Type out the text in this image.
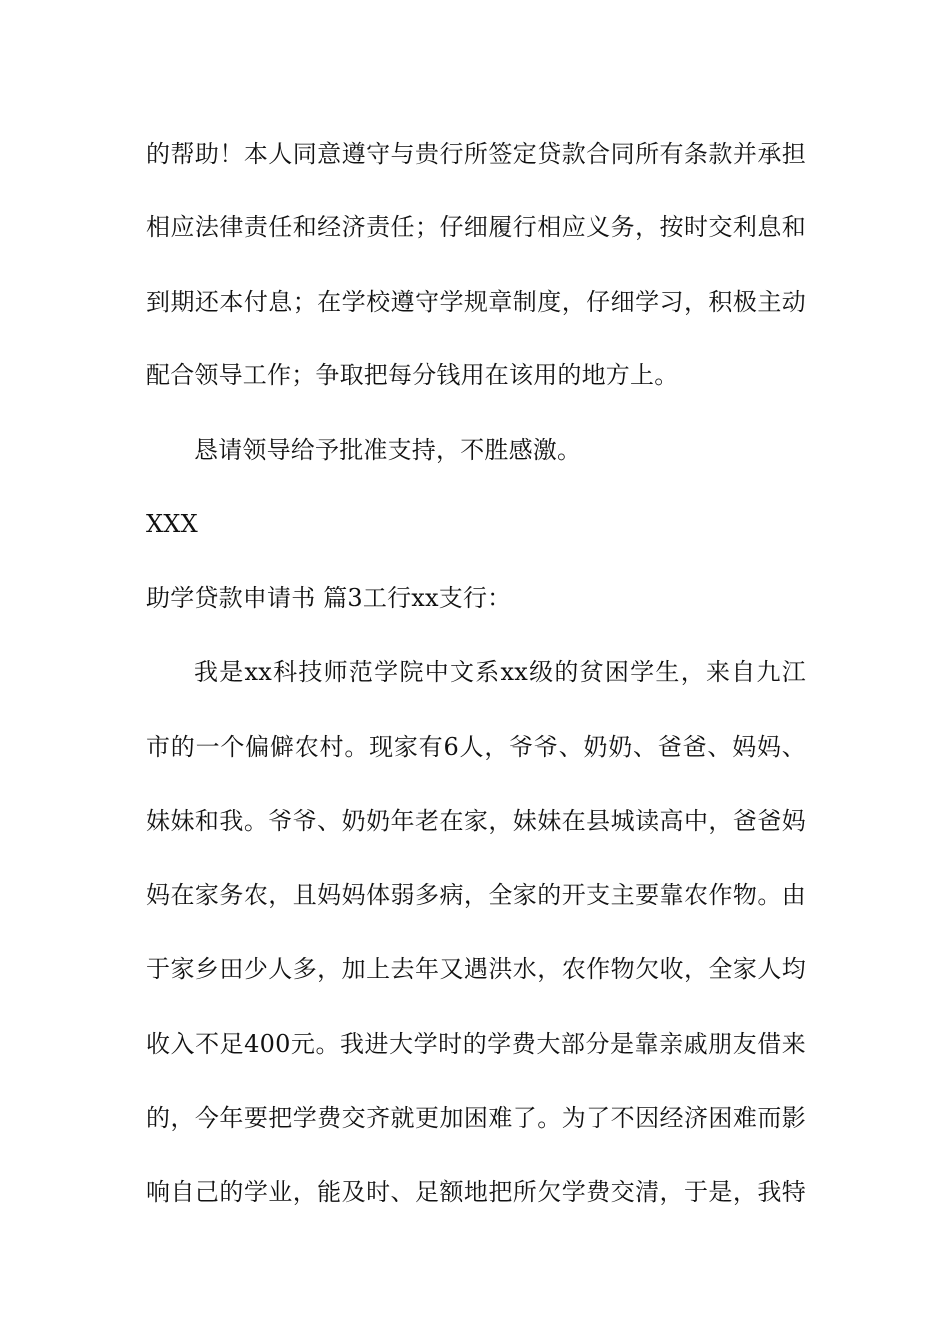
的帮助！本人同意遵守与贵行所签定贷款合同所有条款并承担
相应法律责任和经济责任；仔细履行相应义务，按时交利息和
到期还本付息；在学校遵守学规章制度，仔细学习，积极主动
配合领导工作；争取把每分钱用在该用的地方上。
恳请领导给予批准支持，不胜感激。
XXX
助学贷款申请书 篇3工行xx支行：
我是xx科技师范学院中文系xx级的贫困学生，来自九江
市的一个偏僻农村。现家有6人，爷爷、奶奶、爸爸、妈妈、
妹妹和我。爷爷、奶奶年老在家，妹妹在县城读高中，爸爸妈
妈在家务农，且妈妈体弱多病，全家的开支主要靠农作物。由
于家乡田少人多，加上去年又遇洪水，农作物欠收，全家人均
收入不足400元。我进大学时的学费大部分是靠亲戚朋友借来
的，今年要把学费交齐就更加困难了。为了不因经济困难而影
响自己的学业，能及时、足额地把所欠学费交清，于是，我特
